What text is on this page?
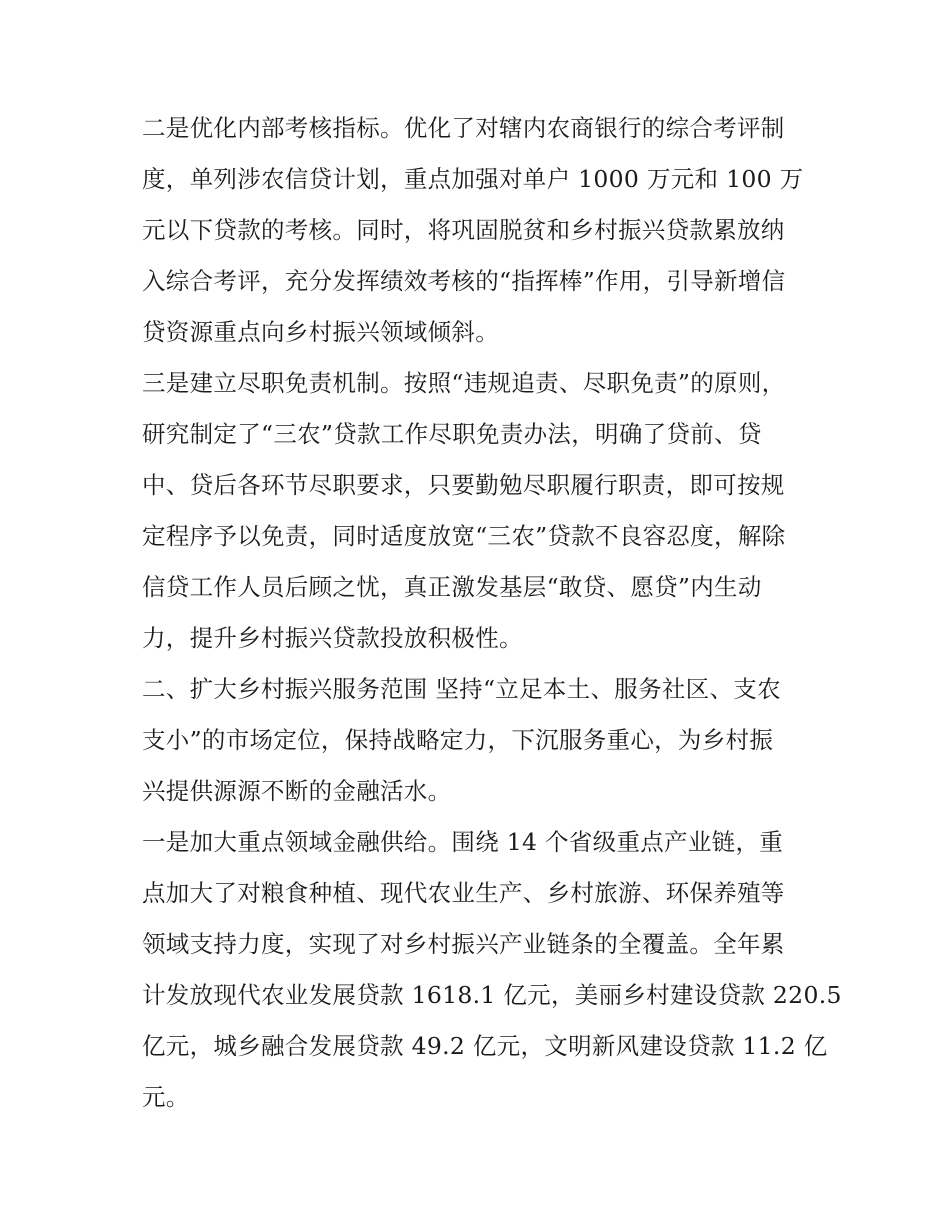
二是优化内部考核指标。优化了对辖内农商银行的综合考评制
度，单列涉农信贷计划，重点加强对单户 1000 万元和 100 万
元以下贷款的考核。同时，将巩固脱贫和乡村振兴贷款累放纳
入综合考评，充分发挥绩效考核的“指挥棒”作用，引导新增信
贷资源重点向乡村振兴领域倾斜。
三是建立尽职免责机制。按照“违规追责、尽职免责”的原则，
研究制定了“三农”贷款工作尽职免责办法，明确了贷前、贷
中、贷后各环节尽职要求，只要勤勉尽职履行职责，即可按规
定程序予以免责，同时适度放宽“三农”贷款不良容忍度，解除
信贷工作人员后顾之忧，真正激发基层“敢贷、愿贷”内生动
力，提升乡村振兴贷款投放积极性。
二、扩大乡村振兴服务范围 坚持“立足本土、服务社区、支农
支小”的市场定位，保持战略定力，下沉服务重心，为乡村振
兴提供源源不断的金融活水。
一是加大重点领域金融供给。围绕 14 个省级重点产业链，重
点加大了对粮食种植、现代农业生产、乡村旅游、环保养殖等
领域支持力度，实现了对乡村振兴产业链条的全覆盖。全年累
计发放现代农业发展贷款 1618.1 亿元，美丽乡村建设贷款 220.5
亿元，城乡融合发展贷款 49.2 亿元，文明新风建设贷款 11.2 亿
元。
